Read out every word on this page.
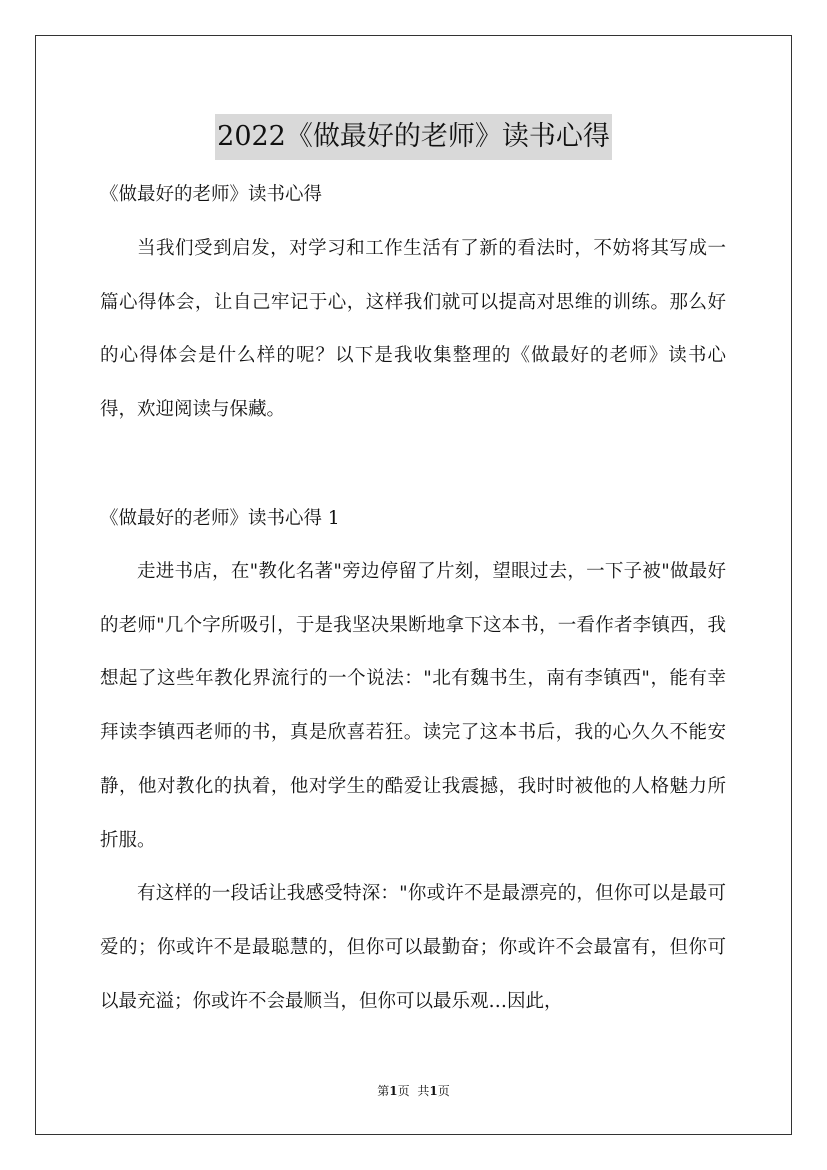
2022《做最好的老师》读书心得
《做最好的老师》读书心得

当我们受到启发，对学习和工作生活有了新的看法时，不妨将其写成一篇心得体会，让自己牢记于心，这样我们就可以提高对思维的训练。那么好的心得体会是什么样的呢？以下是我收集整理的《做最好的老师》读书心得，欢迎阅读与保藏。

《做最好的老师》读书心得 1

走进书店，在"教化名著"旁边停留了片刻，望眼过去，一下子被"做最好的老师"几个字所吸引，于是我坚决果断地拿下这本书，一看作者李镇西，我想起了这些年教化界流行的一个说法："北有魏书生，南有李镇西"，能有幸拜读李镇西老师的书，真是欣喜若狂。读完了这本书后，我的心久久不能安静，他对教化的执着，他对学生的酷爱让我震撼，我时时被他的人格魅力所折服。

有这样的一段话让我感受特深："你或许不是最漂亮的，但你可以是最可爱的；你或许不是最聪慧的，但你可以最勤奋；你或许不会最富有，但你可以最充溢；你或许不会最顺当，但你可以最乐观…因此，

第1页 共1页
